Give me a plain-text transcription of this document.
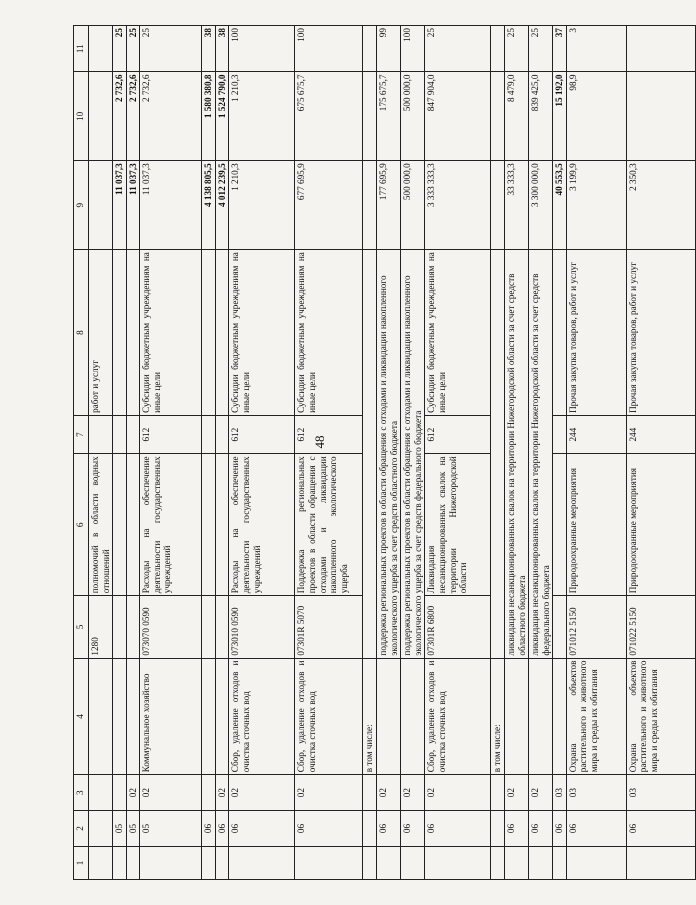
48
1	2	3	4	5	6	7	8	9	10	11
				1280	полномочий в области водных отношений		работ и услуг			
	05							11 037,3	2 732,6	25
	05	02						11 037,3	2 732,6	25
	05	02	Коммунальное хозяйство	073070 0590	Расходы на обеспечение деятельности государственных учреждений	612	Субсидии бюджетным учреждениям на иные цели	11 037,3	2 732,6	25
	06							4 138 805,5	1 580 380,8	38
	06	02						4 012 239,5	1 524 790,0	38
	06	02	Сбор, удаление отходов и очистка сточных вод	073010 0590	Расходы на обеспечение деятельности государственных учреждений	612	Субсидии бюджетным учреждениям на иные цели	1 210,3	1 210,3	100
	06	02	Сбор, удаление отходов и очистка сточных вод	07301R 5070	Поддержка региональных проектов в области обращения с отходами и ликвидации накопленного экологического ущерба	612	Субсидии бюджетным учреждениям на иные цели	677 695,9	675 675,7	100
			в том числе:							
	06	02		поддержка региональных проектов в области обращения с отходами и ликвидации накопленного экологического ущерба за счет средств областного бюджета				177 695,9	175 675,7	99
	06	02		поддержка региональных проектов в области обращения с отходами и ликвидации накопленного экологического ущерба за счет средств федерального бюджета				500 000,0	500 000,0	100
	06	02	Сбор, удаление отходов и очистка сточных вод	07301R 6800	Ликвидация несанкционированных свалок на территории Нижегородской области	612	Субсидии бюджетным учреждениям на иные цели	3 333 333,3	847 904,0	25
			в том числе:							
	06	02		ликвидация несанкционированных свалок на территории Нижегородской области за счет средств областного бюджета				33 333,3	8 479,0	25
	06	02		ликвидация несанкционированных свалок на территории Нижегородской области за счет средств федерального бюджета				3 300 000,0	839 425,0	25
	06	03						40 553,5	15 192,0	37
	06	03	Охрана объектов растительного и животного мира и среды их обитания	071012 5150	Природоохранные мероприятия	244	Прочая закупка товаров, работ и услуг	3 199,9	98,9	3
	06	03	Охрана объектов растительного и животного мира и среды их обитания	071022 5150	Природоохранные мероприятия	244	Прочая закупка товаров, работ и услуг	2 350,3		
